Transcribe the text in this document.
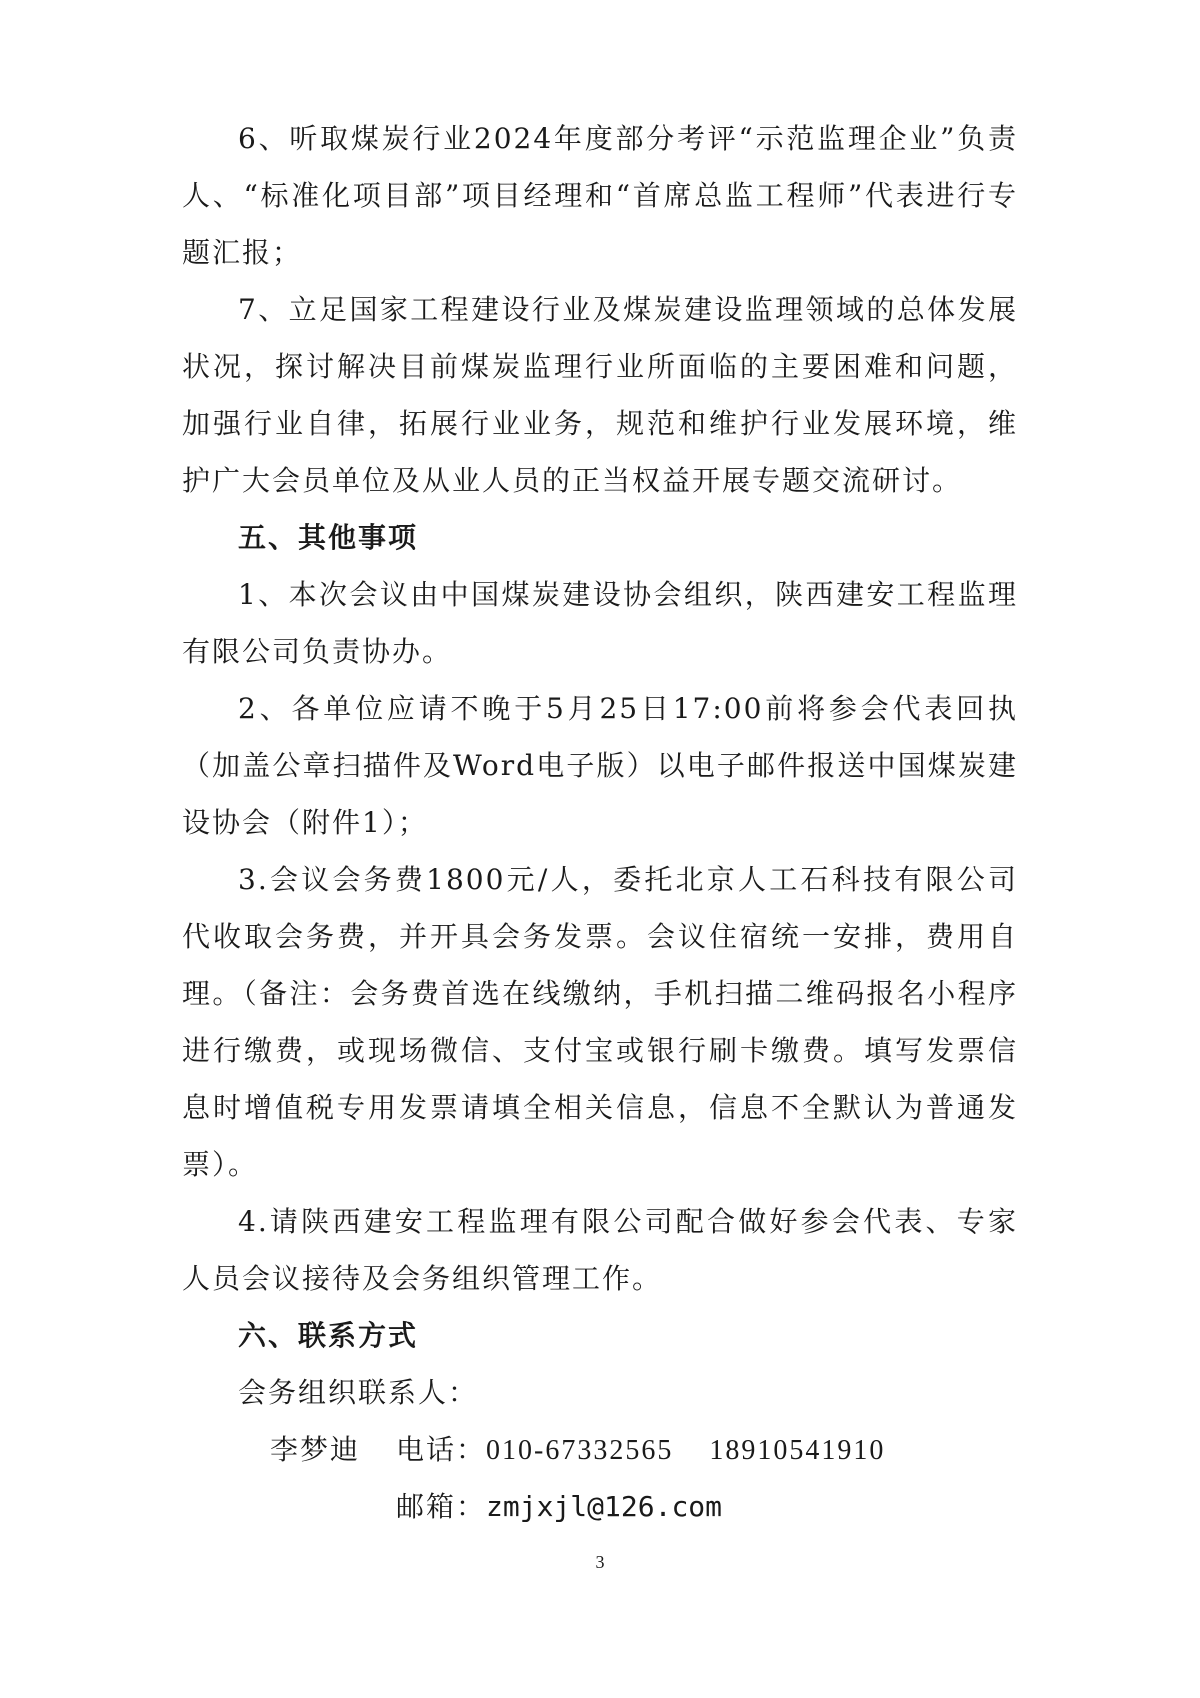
6、听取煤炭行业2024年度部分考评“示范监理企业”负责人、“标准化项目部”项目经理和“首席总监工程师”代表进行专题汇报；

7、立足国家工程建设行业及煤炭建设监理领域的总体发展状况，探讨解决目前煤炭监理行业所面临的主要困难和问题，加强行业自律，拓展行业业务，规范和维护行业发展环境，维护广大会员单位及从业人员的正当权益开展专题交流研讨。

五、其他事项

1、本次会议由中国煤炭建设协会组织，陕西建安工程监理有限公司负责协办。

2、各单位应请不晚于5月25日17:00前将参会代表回执（加盖公章扫描件及Word电子版）以电子邮件报送中国煤炭建设协会（附件1）；

3.会议会务费1800元/人，委托北京人工石科技有限公司代收取会务费，并开具会务发票。会议住宿统一安排，费用自理。（备注：会务费首选在线缴纳，手机扫描二维码报名小程序进行缴费，或现场微信、支付宝或银行刷卡缴费。填写发票信息时增值税专用发票请填全相关信息，信息不全默认为普通发票）。

4.请陕西建安工程监理有限公司配合做好参会代表、专家人员会议接待及会务组织管理工作。

六、联系方式

会务组织联系人：

李梦迪 电话：010-67332565    18910541910
邮箱：zmjxjl@126.com
3
